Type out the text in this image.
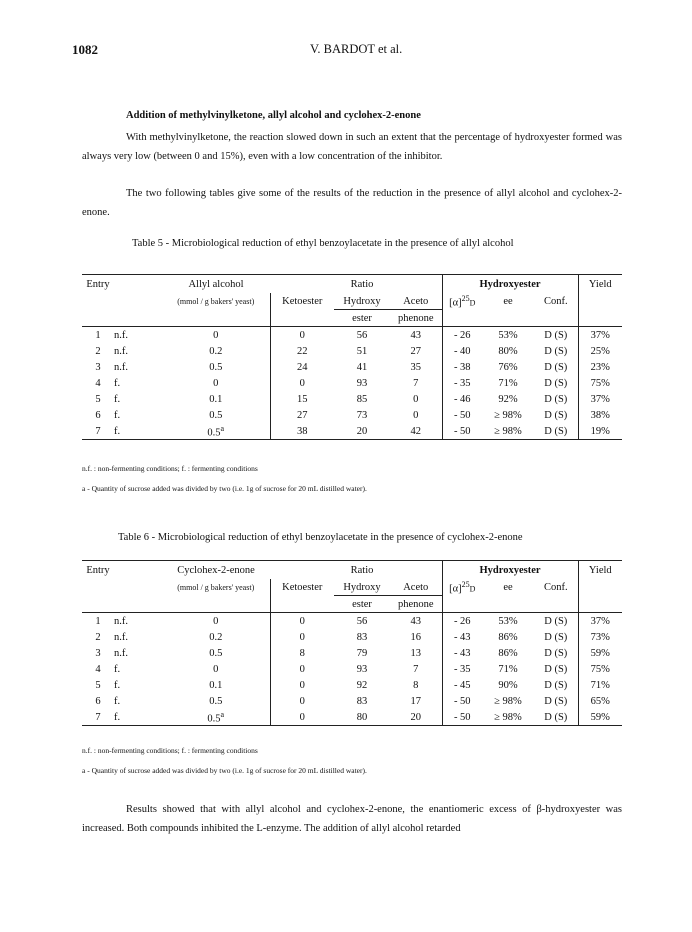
1082	V. BARDOT et al.
Addition of methylvinylketone, allyl alcohol and cyclohex-2-enone
With methylvinylketone, the reaction slowed down in such an extent that the percentage of hydroxyester formed was always very low (between 0 and 15%), even with a low concentration of the inhibitor.
The two following tables give some of the results of the reduction in the presence of allyl alcohol and cyclohex-2-enone.
Table 5 - Microbiological reduction of ethyl benzoylacetate in the presence of allyl alcohol
Entry		Allyl alcohol		Ratio		Hydroxyester			Yield
		(mmol / g bakers' yeast)	Ketoester	Hydroxy	Aceto	$[\alpha]^{25}D$	ee	Conf.	
				ester	phenone				
1	n.f.	0	0	56	43	- 26	53%	D (S)	37%
2	n.f.	0.2	22	51	27	- 40	80%	D (S)	25%
3	n.f.	0.5	24	41	35	- 38	76%	D (S)	23%
4	f.	0	0	93	7	- 35	71%	D (S)	75%
5	f.	0.1	15	85	0	- 46	92%	D (S)	37%
6	f.	0.5	27	73	0	- 50	≥ 98%	D (S)	38%
7	f.	0.5$^a$	38	20	42	- 50	≥ 98%	D (S)	19%
n.f. : non-fermenting conditions; f. : fermenting conditions
a - Quantity of sucrose added was divided by two (i.e. 1g of sucrose for 20 mL distilled water).
Table 6 - Microbiological reduction of ethyl benzoylacetate in the presence of cyclohex-2-enone
Entry		Cyclohex-2-enone		Ratio		Hydroxyester			Yield
		(mmol / g bakers' yeast)	Ketoester	Hydroxy	Aceto	$[\alpha]^{25}D$	ee	Conf.	
				ester	phenone				
1	n.f.	0	0	56	43	- 26	53%	D (S)	37%
2	n.f.	0.2	0	83	16	- 43	86%	D (S)	73%
3	n.f.	0.5	8	79	13	- 43	86%	D (S)	59%
4	f.	0	0	93	7	- 35	71%	D (S)	75%
5	f.	0.1	0	92	8	- 45	90%	D (S)	71%
6	f.	0.5	0	83	17	- 50	≥ 98%	D (S)	65%
7	f.	0.5$^a$	0	80	20	- 50	≥ 98%	D (S)	59%
n.f. : non-fermenting conditions; f. : fermenting conditions
a - Quantity of sucrose added was divided by two (i.e. 1g of sucrose for 20 mL distilled water).
Results showed that with allyl alcohol and cyclohex-2-enone, the enantiomeric excess of β-hydroxyester was increased. Both compounds inhibited the L-enzyme. The addition of allyl alcohol retarded
